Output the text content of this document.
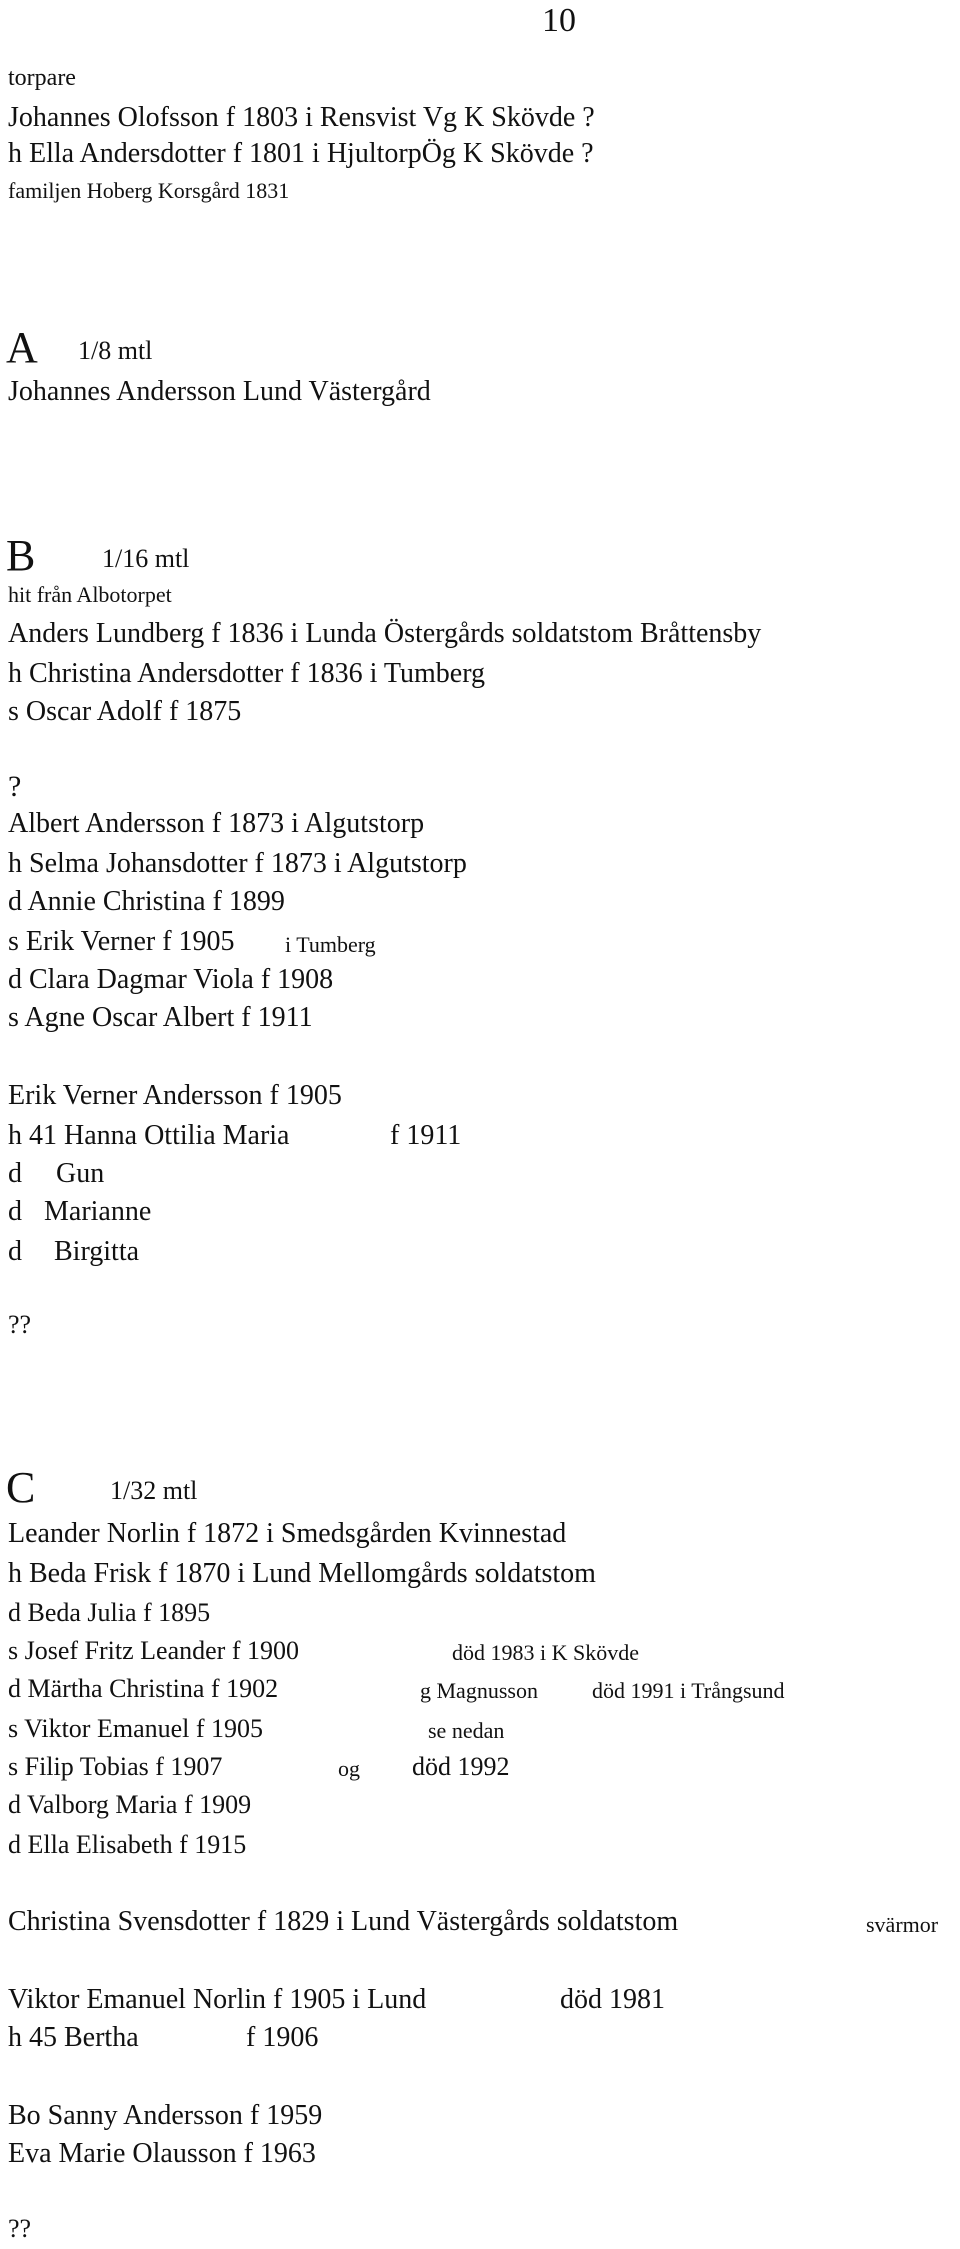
10
torpare
Johannes Olofsson f 1803 i Rensvist Vg K Skövde ?
h Ella Andersdotter f 1801 i HjultorpÖg K Skövde ?
familjen Hoberg Korsgård 1831
A 1/8 mtl
Johannes Andersson Lund Västergård
B	1/16 mtl
hit från Albotorpet
Anders Lundberg f 1836 i Lunda Östergårds soldatstom Bråttensby
h Christina Andersdotter f 1836 i Tumberg
s Oscar Adolf f 1875
?
Albert Andersson f 1873 i Algutstorp
h Selma Johansdotter f 1873 i Algutstorp
d Annie Christina f 1899
s Erik Verner f 1905 i Tumberg
d Clara Dagmar Viola f 1908
s Agne Oscar Albert f 1911
Erik Verner Andersson f 1905
h 41 Hanna Ottilia Maria	f 1911
d Gun
d Marianne
d Birgitta
??
C	1/32 mtl
Leander Norlin f 1872 i Smedsgården Kvinnestad
h Beda Frisk f 1870 i Lund Mellomgårds soldatstom
d Beda Julia f 1895
s Josef Fritz Leander f 1900	död 1983 i K Skövde
d Märtha Christina f 1902	g Magnusson död 1991 i Trångsund
s Viktor Emanuel f 1905	se nedan
s Filip Tobias f 1907	og död 1992
d Valborg Maria f 1909
d Ella Elisabeth f 1915
Christina Svensdotter f 1829 i Lund Västergårds soldatstom	svärmor
Viktor Emanuel Norlin f 1905 i Lund	död 1981
h 45 Bertha	f 1906
Bo Sanny Andersson f 1959
Eva Marie Olausson f 1963
??
